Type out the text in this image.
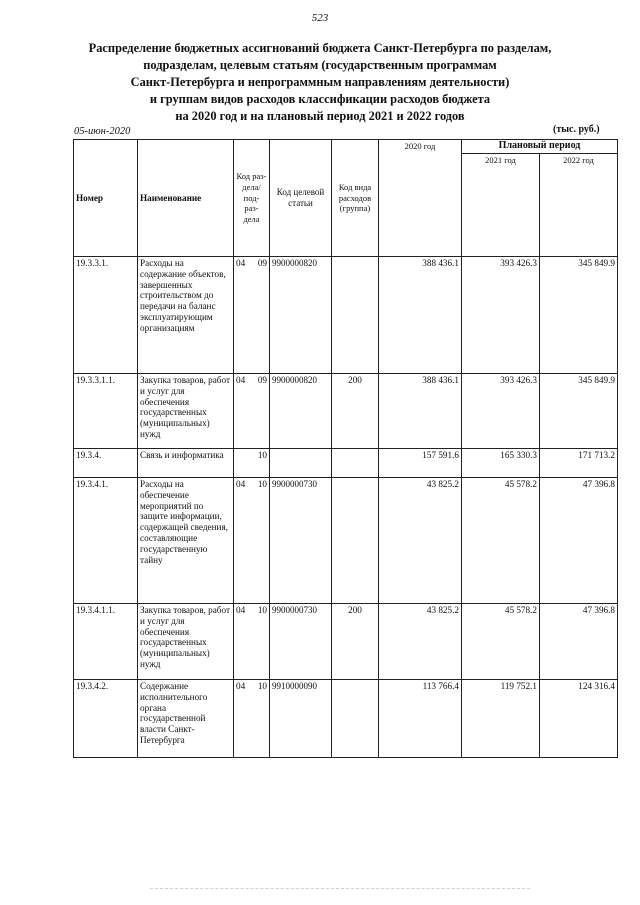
523
Распределение бюджетных ассигнований бюджета Санкт-Петербурга по разделам,
подразделам, целевым статьям (государственным программам
Санкт-Петербурга и непрограммным направлениям деятельности)
и группам видов расходов классификации расходов бюджета
на 2020 год и на плановый период 2021 и 2022 годов
05-июн-2020	(тыс. руб.)
Номер	Наименование	Код раз- дела/ под- раз- дела	Код целевой статьи	Код вида расходов (группа)	2020 год	Плановый период	
						2021 год	2022 год
19.3.3.1.	Расходы на содержание объектов, завершенных строительством до передачи на баланс эксплуатирующим организациям	04 09	9900000820		388 436.1	393 426.3	345 849.9
19.3.3.1.1.	Закупка товаров, работ и услуг для обеспечения государственных (муниципальных) нужд	04 09	9900000820	200	388 436.1	393 426.3	345 849.9
19.3.4.	Связь и информатика	10			157 591.6	165 330.3	171 713.2
19.3.4.1.	Расходы на обеспечение мероприятий по защите информации, содержащей сведения, составляющие государственную тайну	04 10	9900000730		43 825.2	45 578.2	47 396.8
19.3.4.1.1.	Закупка товаров, работ и услуг для обеспечения государственных (муниципальных) нужд	04 10	9900000730	200	43 825.2	45 578.2	47 396.8
19.3.4.2.	Содержание исполнительного органа государственной власти Санкт-Петербурга	04 10	9910000090		113 766.4	119 752.1	124 316.4
